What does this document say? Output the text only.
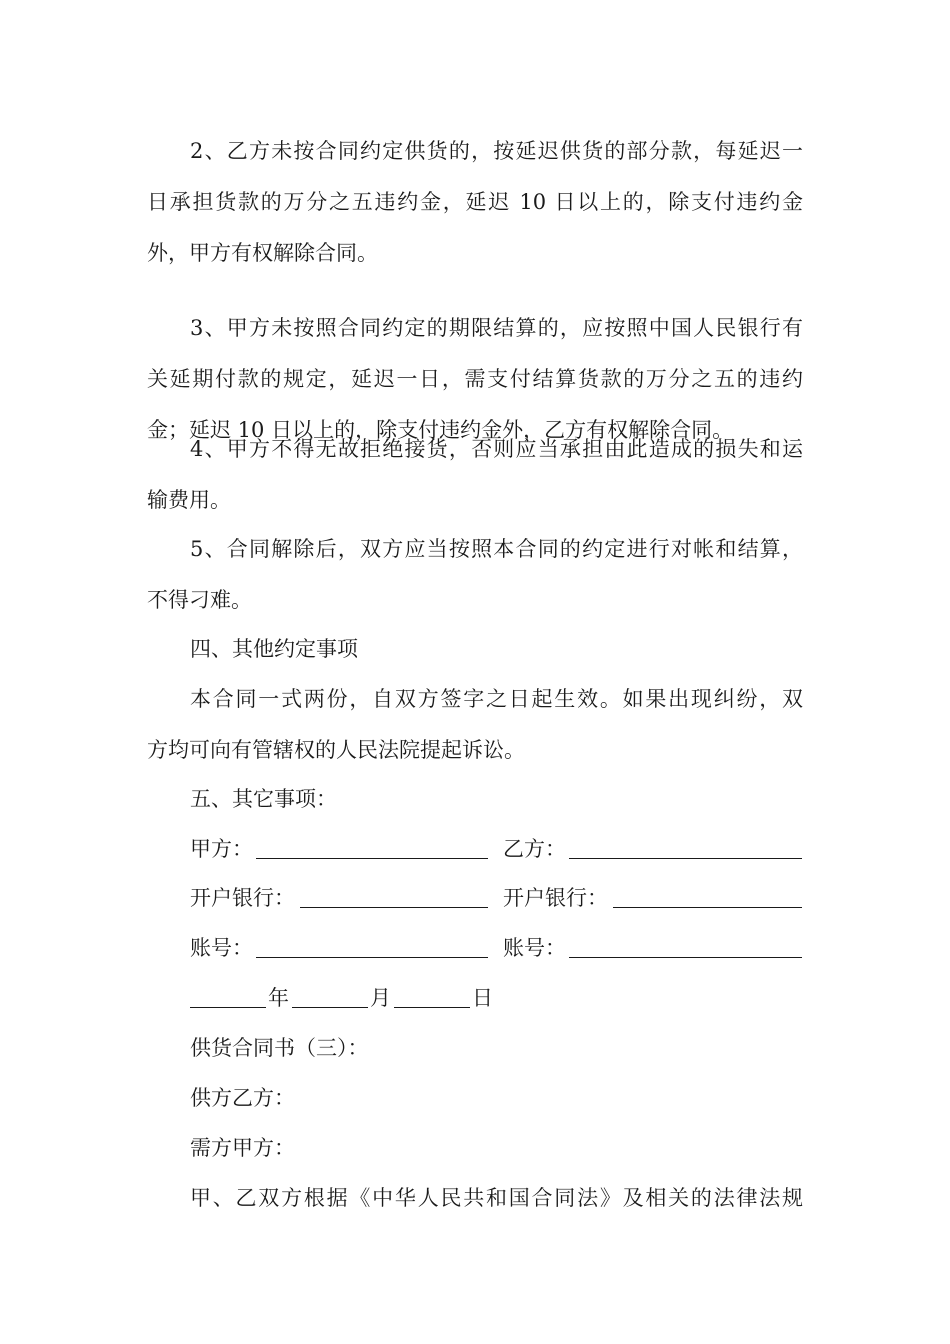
2、乙方未按合同约定供货的，按延迟供货的部分款，每延迟一
日承担货款的万分之五违约金，延迟 10 日以上的，除支付违约金
外，甲方有权解除合同。
3、甲方未按照合同约定的期限结算的，应按照中国人民银行有
关延期付款的规定，延迟一日，需支付结算货款的万分之五的违约
金；延迟 10 日以上的，除支付违约金外，乙方有权解除合同。
4、甲方不得无故拒绝接货，否则应当承担由此造成的损失和运
输费用。
5、合同解除后，双方应当按照本合同的约定进行对帐和结算，
不得刁难。
四、其他约定事项
本合同一式两份，自双方签字之日起生效。如果出现纠纷，双
方均可向有管辖权的人民法院提起诉讼。
五、其它事项：
甲方：	乙方：
开户银行：	开户银行：
账号：	账号：
年	月	日
供货合同书（三）：
供方乙方：
需方甲方：
甲、乙双方根据《中华人民共和国合同法》及相关的法律法规
